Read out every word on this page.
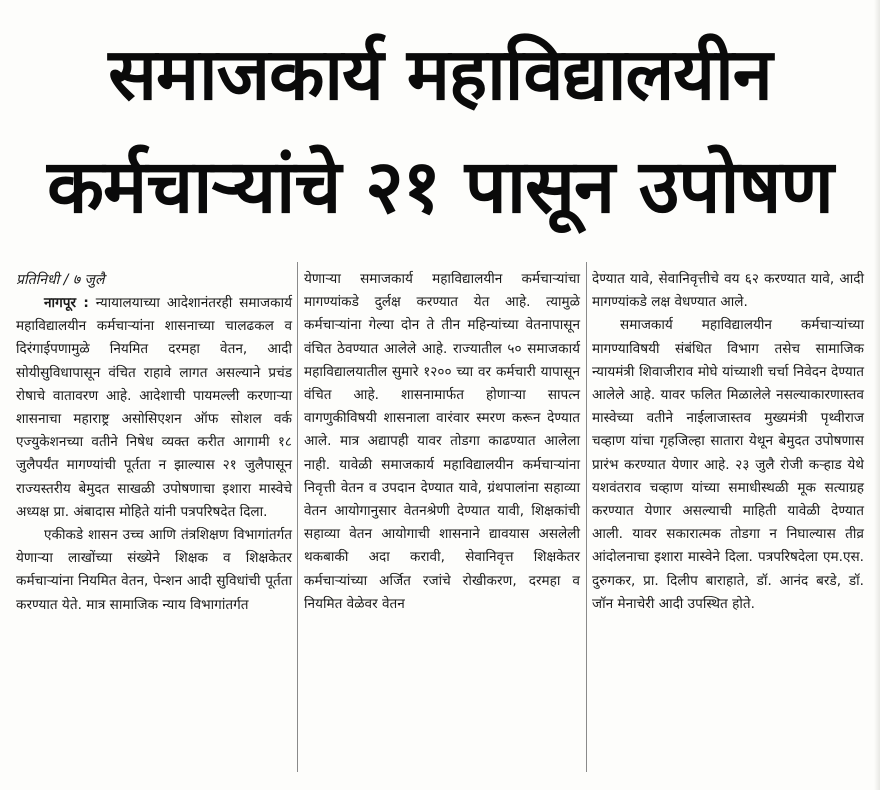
समाजकार्य महाविद्यालयीन
कर्मचाऱ्यांचे २१ पासून उपोषण
प्रतिनिधी / ७ जुलै

नागपूर : न्यायालयाच्या आदेशानंतरही समाजकार्य महाविद्यालयीन कर्मचाऱ्यांना शासनाच्या चालढकल व दिरंगाईपणामुळे नियमित दरमहा वेतन, आदी सोयीसुविधापासून वंचित राहावे लागत असल्याने प्रचंड रोषाचे वातावरण आहे. आदेशाची पायमल्ली करणाऱ्या शासनाचा महाराष्ट्र असोसिएशन ऑफ सोशल वर्क एज्युकेशनच्या वतीने निषेध व्यक्त करीत आगामी १८ जुलैपर्यंत मागण्यांची पूर्तता न झाल्यास २१ जुलैपासून राज्यस्तरीय बेमुदत साखळी उपोषणाचा इशारा मास्वेचे अध्यक्ष प्रा. अंबादास मोहिते यांनी पत्रपरिषदेत दिला.

एकीकडे शासन उच्च आणि तंत्रशिक्षण विभागांतर्गत येणाऱ्या लाखोंच्या संख्येने शिक्षक व शिक्षकेतर कर्मचाऱ्यांना नियमित वेतन, पेन्शन आदी सुविधांची पूर्तता करण्यात येते. मात्र सामाजिक न्याय विभागांतर्गत

येणाऱ्या समाजकार्य महाविद्यालयीन कर्मचाऱ्यांचा मागण्यांकडे दुर्लक्ष करण्यात येत आहे. त्यामुळे कर्मचाऱ्यांना गेल्या दोन ते तीन महिन्यांच्या वेतनापासून वंचित ठेवण्यात आलेले आहे. राज्यातील ५० समाजकार्य महाविद्यालयातील सुमारे १२०० च्या वर कर्मचारी यापासून वंचित आहे. शासनामार्फत होणाऱ्या सापत्न वागणुकीविषयी शासनाला वारंवार स्मरण करून देण्यात आले. मात्र अद्यापही यावर तोडगा काढण्यात आलेला नाही. यावेळी समाजकार्य महाविद्यालयीन कर्मचाऱ्यांना निवृत्ती वेतन व उपदान देण्यात यावे, ग्रंथपालांना सहाव्या वेतन आयोगानुसार वेतनश्रेणी देण्यात यावी, शिक्षकांची सहाव्या वेतन आयोगाची शासनाने द्यावयास असलेली थकबाकी अदा करावी, सेवानिवृत्त शिक्षकेतर कर्मचाऱ्यांच्या अर्जित रजांचे रोखीकरण, दरमहा व नियमित वेळेवर वेतन

देण्यात यावे, सेवानिवृत्तीचे वय ६२ करण्यात यावे, आदी मागण्यांकडे लक्ष वेधण्यात आले.

समाजकार्य महाविद्यालयीन कर्मचाऱ्यांच्या मागण्याविषयी संबंधित विभाग तसेच सामाजिक न्यायमंत्री शिवाजीराव मोघे यांच्याशी चर्चा निवेदन देण्यात आलेले आहे. यावर फलित मिळालेले नसल्याकारणास्तव मास्वेच्या वतीने नाईलाजास्तव मुख्यमंत्री पृथ्वीराज चव्हाण यांचा गृहजिल्हा सातारा येथून बेमुदत उपोषणास प्रारंभ करण्यात येणार आहे. २३ जुलै रोजी कऱ्हाड येथे यशवंतराव चव्हाण यांच्या समाधीस्थळी मूक सत्याग्रह करण्यात येणार असल्याची माहिती यावेळी देण्यात आली. यावर सकारात्मक तोडगा न निघाल्यास तीव्र आंदोलनाचा इशारा मास्वेने दिला. पत्रपरिषदेला एम.एस. दुरुगकर, प्रा. दिलीप बाराहाते, डॉ. आनंद बरडे, डॉ. जॉन मेनाचेरी आदी उपस्थित होते.
